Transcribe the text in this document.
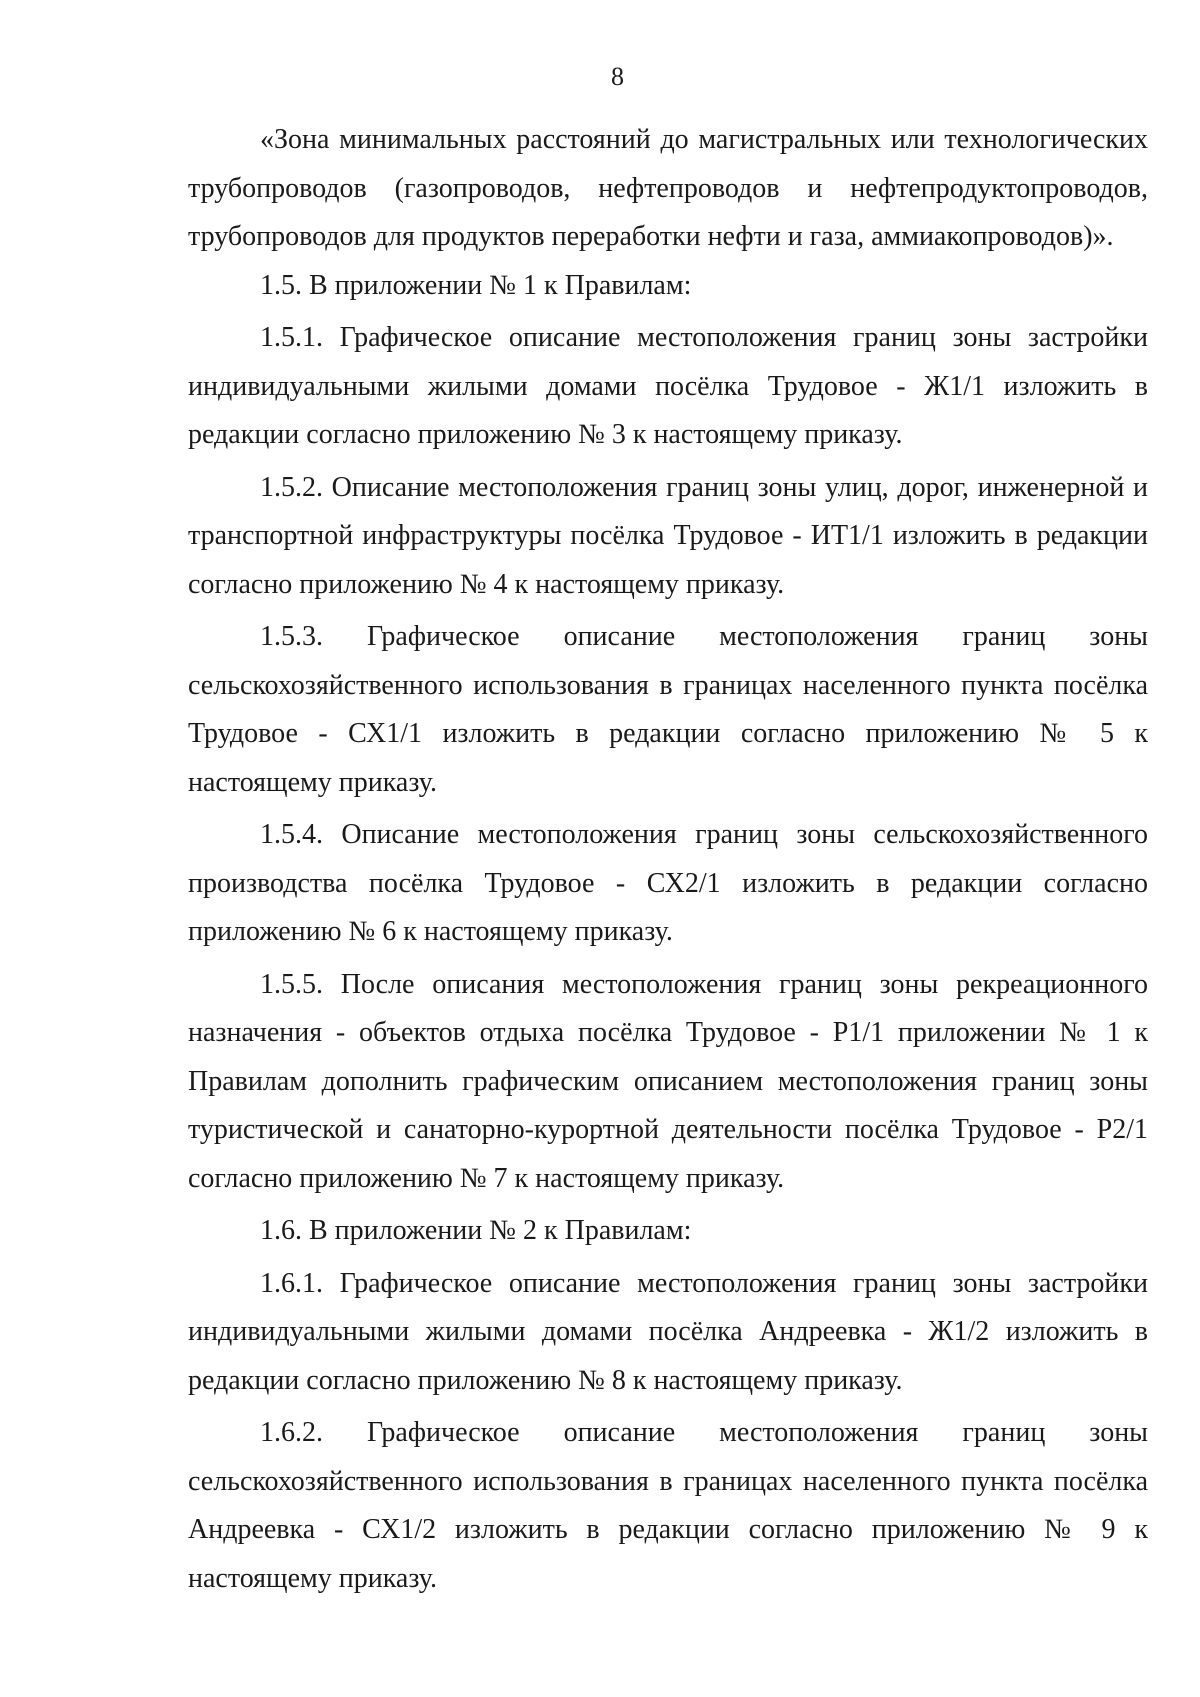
8

«Зона минимальных расстояний до магистральных или технологических трубопроводов (газопроводов, нефтепроводов и нефтепродуктопроводов, трубопроводов для продуктов переработки нефти и газа, аммиакопроводов)».

1.5. В приложении № 1 к Правилам:

1.5.1. Графическое описание местоположения границ зоны застройки индивидуальными жилыми домами посёлка Трудовое - Ж1/1 изложить в редакции согласно приложению № 3 к настоящему приказу.

1.5.2. Описание местоположения границ зоны улиц, дорог, инженерной и транспортной инфраструктуры посёлка Трудовое - ИТ1/1 изложить в редакции согласно приложению № 4 к настоящему приказу.

1.5.3. Графическое описание местоположения границ зоны сельскохозяйственного использования в границах населенного пункта посёлка Трудовое - СХ1/1 изложить в редакции согласно приложению № 5 к настоящему приказу.

1.5.4. Описание местоположения границ зоны сельскохозяйственного производства посёлка Трудовое - СХ2/1 изложить в редакции согласно приложению № 6 к настоящему приказу.

1.5.5. После описания местоположения границ зоны рекреационного назначения - объектов отдыха посёлка Трудовое - Р1/1 приложении № 1 к Правилам дополнить графическим описанием местоположения границ зоны туристической и санаторно-курортной деятельности посёлка Трудовое - Р2/1 согласно приложению № 7 к настоящему приказу.

1.6. В приложении № 2 к Правилам:

1.6.1. Графическое описание местоположения границ зоны застройки индивидуальными жилыми домами посёлка Андреевка - Ж1/2 изложить в редакции согласно приложению № 8 к настоящему приказу.

1.6.2. Графическое описание местоположения границ зоны сельскохозяйственного использования в границах населенного пункта посёлка Андреевка - СХ1/2 изложить в редакции согласно приложению № 9 к настоящему приказу.
